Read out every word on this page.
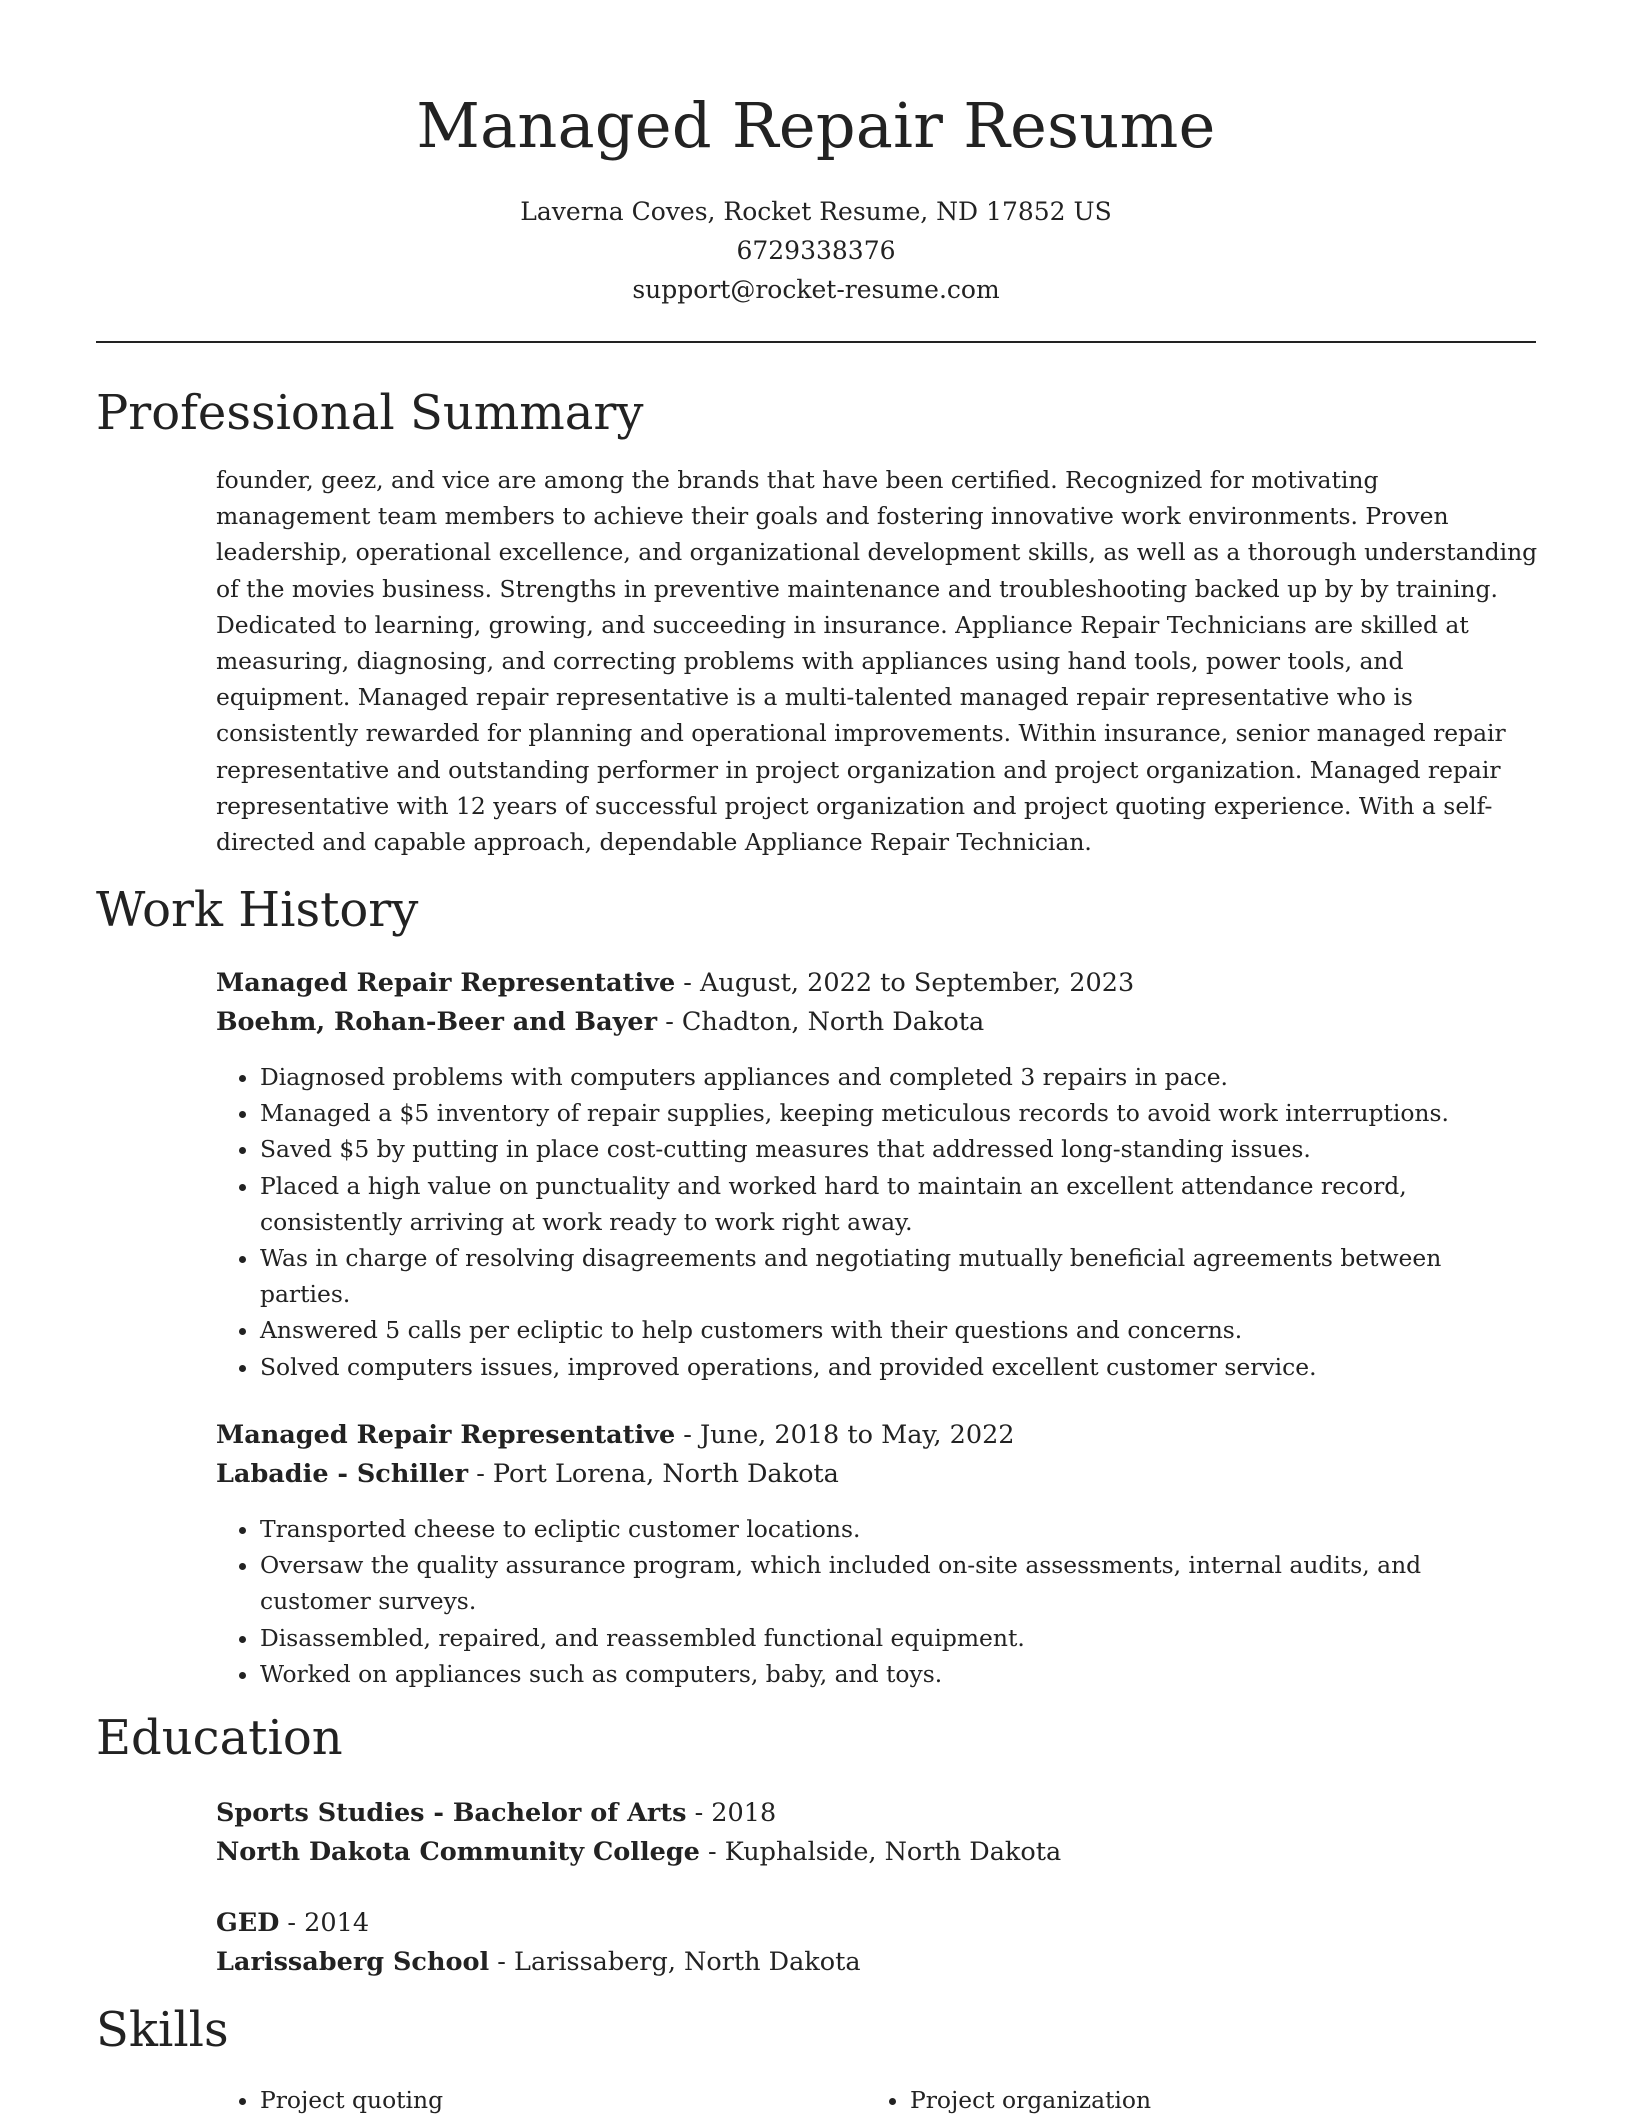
Managed Repair Resume
Laverna Coves, Rocket Resume, ND 17852 US
6729338376
support@rocket-resume.com
Professional Summary

founder, geez, and vice are among the brands that have been certified. Recognized for motivating management team members to achieve their goals and fostering innovative work environments. Proven leadership, operational excellence, and organizational development skills, as well as a thorough understanding of the movies business. Strengths in preventive maintenance and troubleshooting backed up by by training. Dedicated to learning, growing, and succeeding in insurance. Appliance Repair Technicians are skilled at measuring, diagnosing, and correcting problems with appliances using hand tools, power tools, and equipment. Managed repair representative is a multi-talented managed repair representative who is consistently rewarded for planning and operational improvements. Within insurance, senior managed repair representative and outstanding performer in project organization and project organization. Managed repair representative with 12 years of successful project organization and project quoting experience. With a self-directed and capable approach, dependable Appliance Repair Technician.

Work History
Managed Repair Representative - August, 2022 to September, 2023
Boehm, Rohan-Beer and Bayer - Chadton, North Dakota
• Diagnosed problems with computers appliances and completed 3 repairs in pace.
• Managed a $5 inventory of repair supplies, keeping meticulous records to avoid work interruptions.
• Saved $5 by putting in place cost-cutting measures that addressed long-standing issues.
• Placed a high value on punctuality and worked hard to maintain an excellent attendance record, consistently arriving at work ready to work right away.
• Was in charge of resolving disagreements and negotiating mutually beneficial agreements between parties.
• Answered 5 calls per ecliptic to help customers with their questions and concerns.
• Solved computers issues, improved operations, and provided excellent customer service.
Managed Repair Representative - June, 2018 to May, 2022
Labadie - Schiller - Port Lorena, North Dakota
• Transported cheese to ecliptic customer locations.
• Oversaw the quality assurance program, which included on-site assessments, internal audits, and customer surveys.
• Disassembled, repaired, and reassembled functional equipment.
• Worked on appliances such as computers, baby, and toys.
Education
Sports Studies - Bachelor of Arts - 2018
North Dakota Community College - Kuphalside, North Dakota
GED - 2014
Larissaberg School - Larissaberg, North Dakota
Skills
• Project quoting
•	Project organization
